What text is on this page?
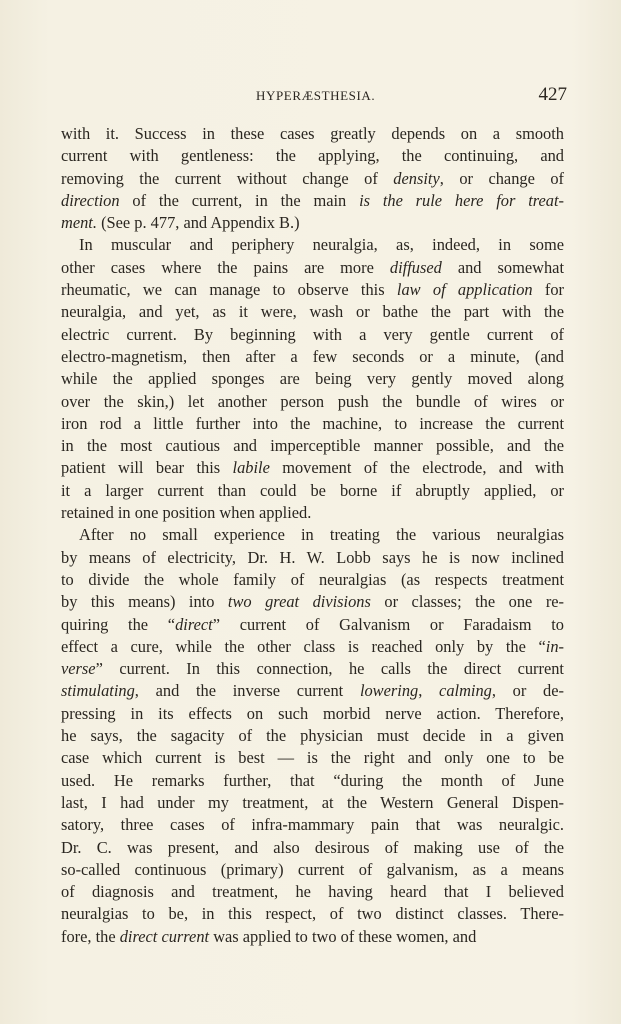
HYPERÆSTHESIA.	427
with it. Success in these cases greatly depends on a smooth
current with gentleness: the applying, the continuing, and
removing the current without change of density, or change of
direction of the current, in the main is the rule here for treat-
ment. (See p. 477, and Appendix B.)
In muscular and periphery neuralgia, as, indeed, in some
other cases where the pains are more diffused and somewhat
rheumatic, we can manage to observe this law of application for
neuralgia, and yet, as it were, wash or bathe the part with the
electric current. By beginning with a very gentle current of
electro-magnetism, then after a few seconds or a minute, (and
while the applied sponges are being very gently moved along
over the skin,) let another person push the bundle of wires or
iron rod a little further into the machine, to increase the current
in the most cautious and imperceptible manner possible, and the
patient will bear this labile movement of the electrode, and with
it a larger current than could be borne if abruptly applied, or
retained in one position when applied.
After no small experience in treating the various neuralgias
by means of electricity, Dr. H. W. Lobb says he is now inclined
to divide the whole family of neuralgias (as respects treatment
by this means) into two great divisions or classes; the one re-
quiring the “direct” current of Galvanism or Faradaism to
effect a cure, while the other class is reached only by the “in-
verse” current. In this connection, he calls the direct current
stimulating, and the inverse current lowering, calming, or de-
pressing in its effects on such morbid nerve action. Therefore,
he says, the sagacity of the physician must decide in a given
case which current is best — is the right and only one to be
used. He remarks further, that “during the month of June
last, I had under my treatment, at the Western General Dispen-
satory, three cases of infra-mammary pain that was neuralgic.
Dr. C. was present, and also desirous of making use of the
so-called continuous (primary) current of galvanism, as a means
of diagnosis and treatment, he having heard that I believed
neuralgias to be, in this respect, of two distinct classes. There-
fore, the direct current was applied to two of these women, and
